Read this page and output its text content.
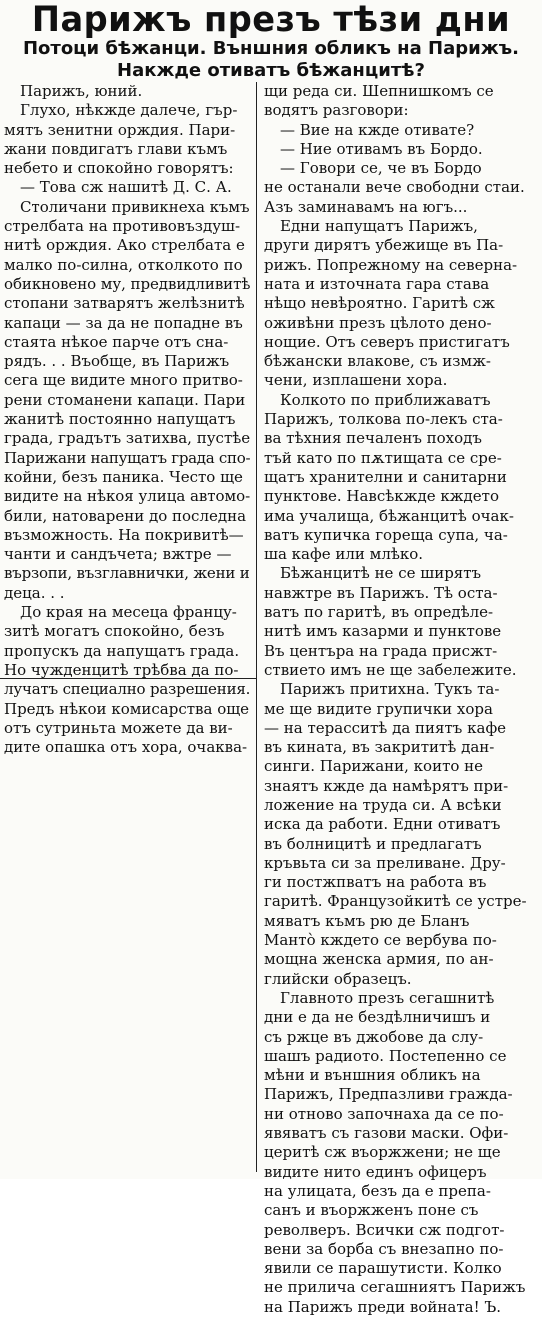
Парижъ презъ тѣзи дни
Потоци бѣжанци. Външния обликъ на Парижъ.
Накжде отиватъ бѣжанцитѣ?
Парижъ, юний.
Глухо, нѣкжде далече, гър-
мятъ зенитни орждия. Пари-
жани повдигатъ глави къмъ
небето и спокойно говорятъ:
— Това сж нашитѣ Д. С. А.
Столичани привикнеха къмъ
стрелбата на противовъздуш-
нитѣ орждия. Ако стрелбата е
малко по-силна, отколкото по
обикновено му, предвидливитѣ
стопани затварятъ желѣзнитѣ
капаци — за да не попадне въ
стаята нѣкое парче отъ сна-
рядъ. . . Въобще, въ Парижъ
сега ще видите много притво-
рени стоманени капаци. Пари
жанитѣ постоянно напущатъ
града, градътъ затихва, пустѣе
Парижани напущатъ града спо-
койни, безъ паника. Често ще
видите на нѣкоя улица автомо-
били, натоварени до последна
възможность. На покривитѣ—
чанти и сандъчета; вжтре —
вързопи, възглавнички, жени и
деца. . .
До края на месеца францу-
зитѣ могатъ спокойно, безъ
пропускъ да напущатъ града.
Но чужденцитѣ трѣбва да по-
лучатъ специално разрешения.
Предъ нѣкои комисарства още
отъ сутриньта можете да ви-
дите опашка отъ хора, очаква-
щи реда си. Шепнишкомъ се
водятъ разговори:
— Вие на кжде отивате?
— Ние отивамъ въ Бордо.
— Говори се, че въ Бордо
не останали вече свободни стаи.
Азъ заминавамъ на югъ...
Едни напущатъ Парижъ,
други дирятъ убежище въ Па-
рижъ. Попрежному на северна-
ната и източната гара става
нѣщо невѣроятно. Гаритѣ сж
оживѣни презъ цѣлото дено-
нощие. Отъ северъ пристигатъ
бѣжански влакове, съ измж-
чени, изплашени хора.
Колкото по приближаватъ
Парижъ, толкова по-лекъ ста-
ва тѣхния печаленъ походъ
тъй като по пѫтищата се сре-
щатъ хранителни и санитарни
пунктове. Навсѣкжде кждето
има учалища, бѣжанцитѣ очак-
ватъ купичка гореща супа, ча-
ша кафе или млѣко.
Бѣжанцитѣ не се ширятъ
навжтре въ Парижъ. Тѣ оста-
ватъ по гаритѣ, въ опредѣле-
нитѣ имъ казарми и пунктове
Въ центъра на града присжт-
ствието имъ не ще забележите.
Парижъ притихна. Тукъ та-
ме ще видите групички хора
— на терасситѣ да пиятъ кафе
въ кината, въ закрититѣ дан-
синги. Парижани, които не
знаятъ кжде да намѣрятъ при-
ложение на труда си. А всѣки
иска да работи. Едни отиватъ
въ болницитѣ и предлагатъ
кръвьта си за преливане. Дру-
ги постжпватъ на работа въ
гаритѣ. Французойкитѣ се устре-
мяватъ къмъ рю де Бланъ
Мантò кждето се вербува по-
мощна женска армия, по ан-
глийски образецъ.
Главното презъ сегашнитѣ
дни е да не бездѣлничишъ и
съ ржце въ джобове да слу-
шашъ радиото. Постепенно се
мѣни и външния обликъ на
Парижъ, Предпазливи гражда-
ни отново започнаха да се по-
явяватъ съ газови маски. Офи-
церитѣ сж въоржжени; не ще
видите нито единъ офицеръ
на улицата, безъ да е препа-
санъ и въоржженъ поне съ
револверъ. Всички сж подгот-
вени за борба съ внезапно по-
явили се парашутисти. Колко
не прилича сегашниятъ Парижъ
на Парижъ преди войната! Ъ.
